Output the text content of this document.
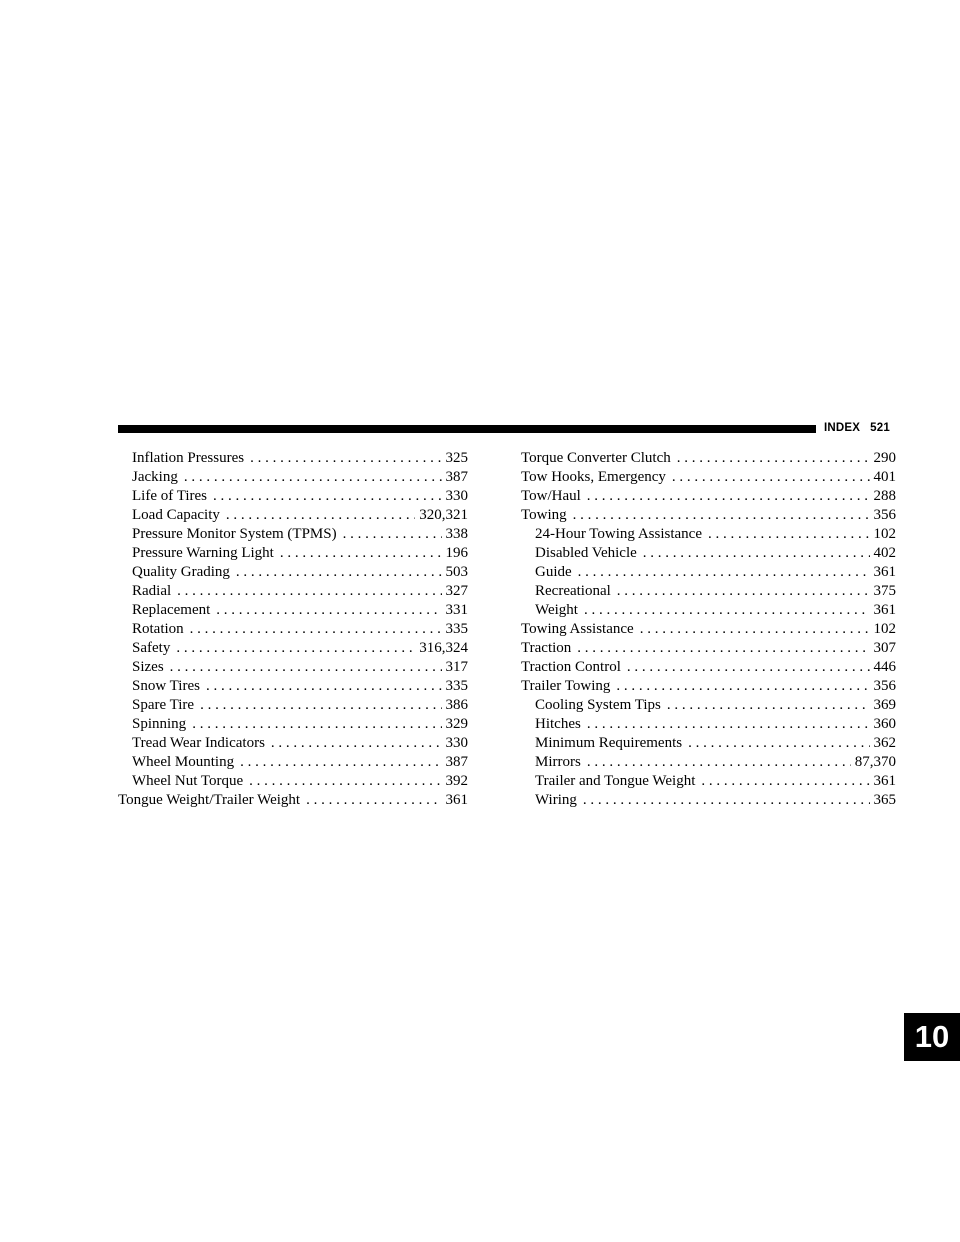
INDEX 521
Inflation Pressures . . .	325
Jacking . . .	387
Life of Tires . . .	330
Load Capacity . . .	320,321
Pressure Monitor System (TPMS) . . .	338
Pressure Warning Light . . .	196
Quality Grading . . .	503
Radial . . .	327
Replacement . . .	331
Rotation . . .	335
Safety . . .	316,324
Sizes . . .	317
Snow Tires . . .	335
Spare Tire . . .	386
Spinning . . .	329
Tread Wear Indicators . . .	330
Wheel Mounting . . .	387
Wheel Nut Torque . . .	392
Tongue Weight/Trailer Weight . . .	361
Torque Converter Clutch . . .	290
Tow Hooks, Emergency . . .	401
Tow/Haul . . .	288
Towing . . .	356
24-Hour Towing Assistance . . .	102
Disabled Vehicle . . .	402
Guide . . .	361
Recreational . . .	375
Weight . . .	361
Towing Assistance . . .	102
Traction . . .	307
Traction Control . . .	446
Trailer Towing . . .	356
Cooling System Tips . . .	369
Hitches . . .	360
Minimum Requirements . . .	362
Mirrors . . .	87,370
Trailer and Tongue Weight . . .	361
Wiring . . .	365
10
